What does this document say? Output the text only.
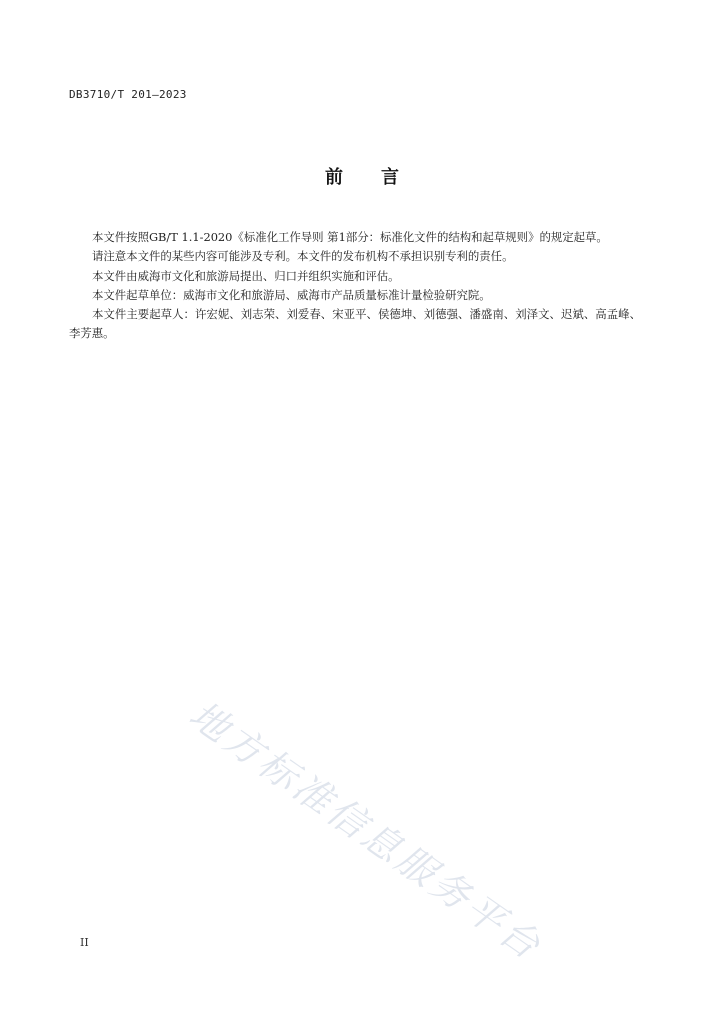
DB3710/T 201—2023
前言

本文件按照GB/T 1.1-2020《标准化工作导则 第1部分：标准化文件的结构和起草规则》的规定起草。

请注意本文件的某些内容可能涉及专利。本文件的发布机构不承担识别专利的责任。

本文件由威海市文化和旅游局提出、归口并组织实施和评估。

本文件起草单位：威海市文化和旅游局、威海市产品质量标准计量检验研究院。

本文件主要起草人：许宏妮、刘志荣、刘爱春、宋亚平、侯德坤、刘德强、潘盛南、刘泽文、迟斌、高孟峰、李芳惠。

地方标准信息服务平台
II
